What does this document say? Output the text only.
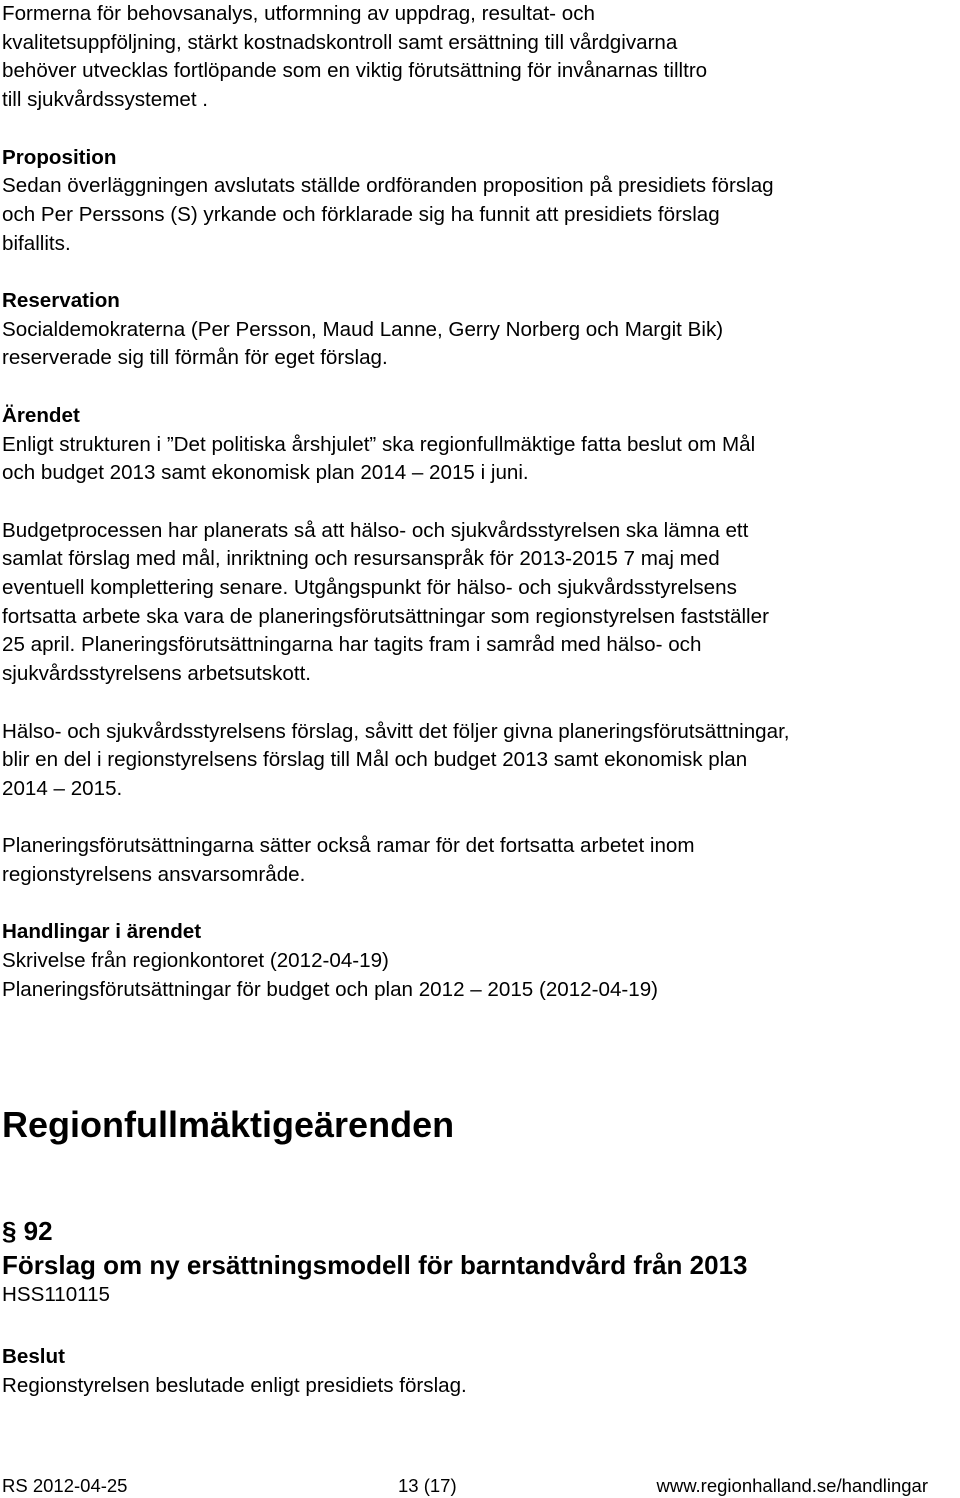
Formerna för behovsanalys, utformning av uppdrag, resultat- och

kvalitetsuppföljning, stärkt kostnadskontroll samt ersättning till vårdgivarna

behöver utvecklas fortlöpande som en viktig förutsättning för invånarnas tilltro

till sjukvårdssystemet .

Proposition

Sedan överläggningen avslutats ställde ordföranden proposition på presidiets förslag

och Per Perssons (S) yrkande och förklarade sig ha funnit att presidiets förslag

bifallits.

Reservation

Socialdemokraterna (Per Persson, Maud Lanne, Gerry Norberg och Margit Bik)

reserverade sig till förmån för eget förslag.

Ärendet

Enligt strukturen i ”Det politiska årshjulet” ska regionfullmäktige fatta beslut om Mål

och budget 2013 samt ekonomisk plan 2014 – 2015 i juni.

Budgetprocessen har planerats så att hälso- och sjukvårdsstyrelsen ska lämna ett

samlat förslag med mål, inriktning och resursanspråk för 2013-2015 7 maj med

eventuell komplettering senare. Utgångspunkt för hälso- och sjukvårdsstyrelsens

fortsatta arbete ska vara de planeringsförutsättningar som regionstyrelsen fastställer

25 april. Planeringsförutsättningarna har tagits fram i samråd med hälso- och

sjukvårdsstyrelsens arbetsutskott.

Hälso- och sjukvårdsstyrelsens förslag, såvitt det följer givna planeringsförutsättningar,

blir en del i regionstyrelsens förslag till Mål och budget 2013 samt ekonomisk plan

2014 – 2015.

Planeringsförutsättningarna sätter också ramar för det fortsatta arbetet inom

regionstyrelsens ansvarsområde.

Handlingar i ärendet

Skrivelse från regionkontoret (2012-04-19)

Planeringsförutsättningar för budget och plan 2012 – 2015 (2012-04-19)

Regionfullmäktigeärenden

§ 92

Förslag om ny ersättningsmodell för barntandvård från 2013

HSS110115

Beslut

Regionstyrelsen beslutade enligt presidiets förslag.

RS 2012-04-25	13 (17)	www.regionhalland.se/handlingar
